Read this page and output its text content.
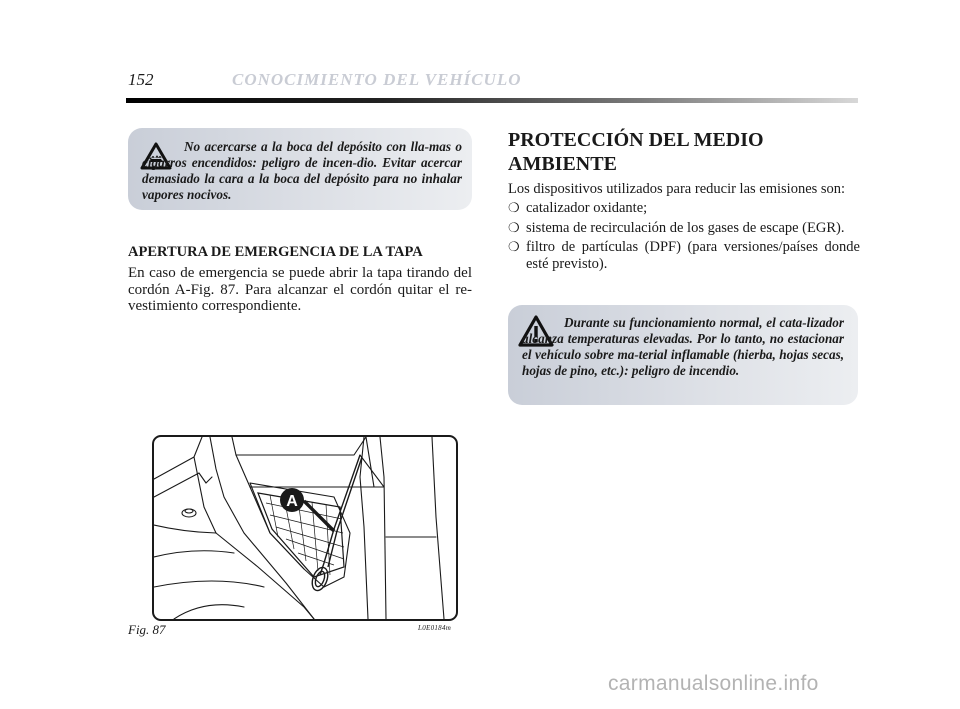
152	CONOCIMIENTO DEL VEHÍCULO

No acercarse a la boca del depósito con lla-mas o cigarros encendidos: peligro de incen-dio. Evitar acercar demasiado la cara a la boca del depósito para no inhalar vapores nocivos.

APERTURA DE EMERGENCIA DE LA TAPA

En caso de emergencia se puede abrir la tapa tirando del cordón A-Fig. 87. Para alcanzar el cordón quitar el re-vestimiento correspondiente.

PROTECCIÓN DEL MEDIO AMBIENTE

Los dispositivos utilizados para reducir las emisiones son:

❍ catalizador oxidante;
❍ sistema de recirculación de los gases de escape (EGR).
❍ filtro de partículas (DPF) (para versiones/países donde esté previsto).

Durante su funcionamiento normal, el cata-lizador alcanza temperaturas elevadas. Por lo tanto, no estacionar el vehículo sobre ma-terial inflamable (hierba, hojas secas, hojas de pino, etc.): peligro de incendio.

A

Fig. 87	L0E0184m

carmanualsonline.info
